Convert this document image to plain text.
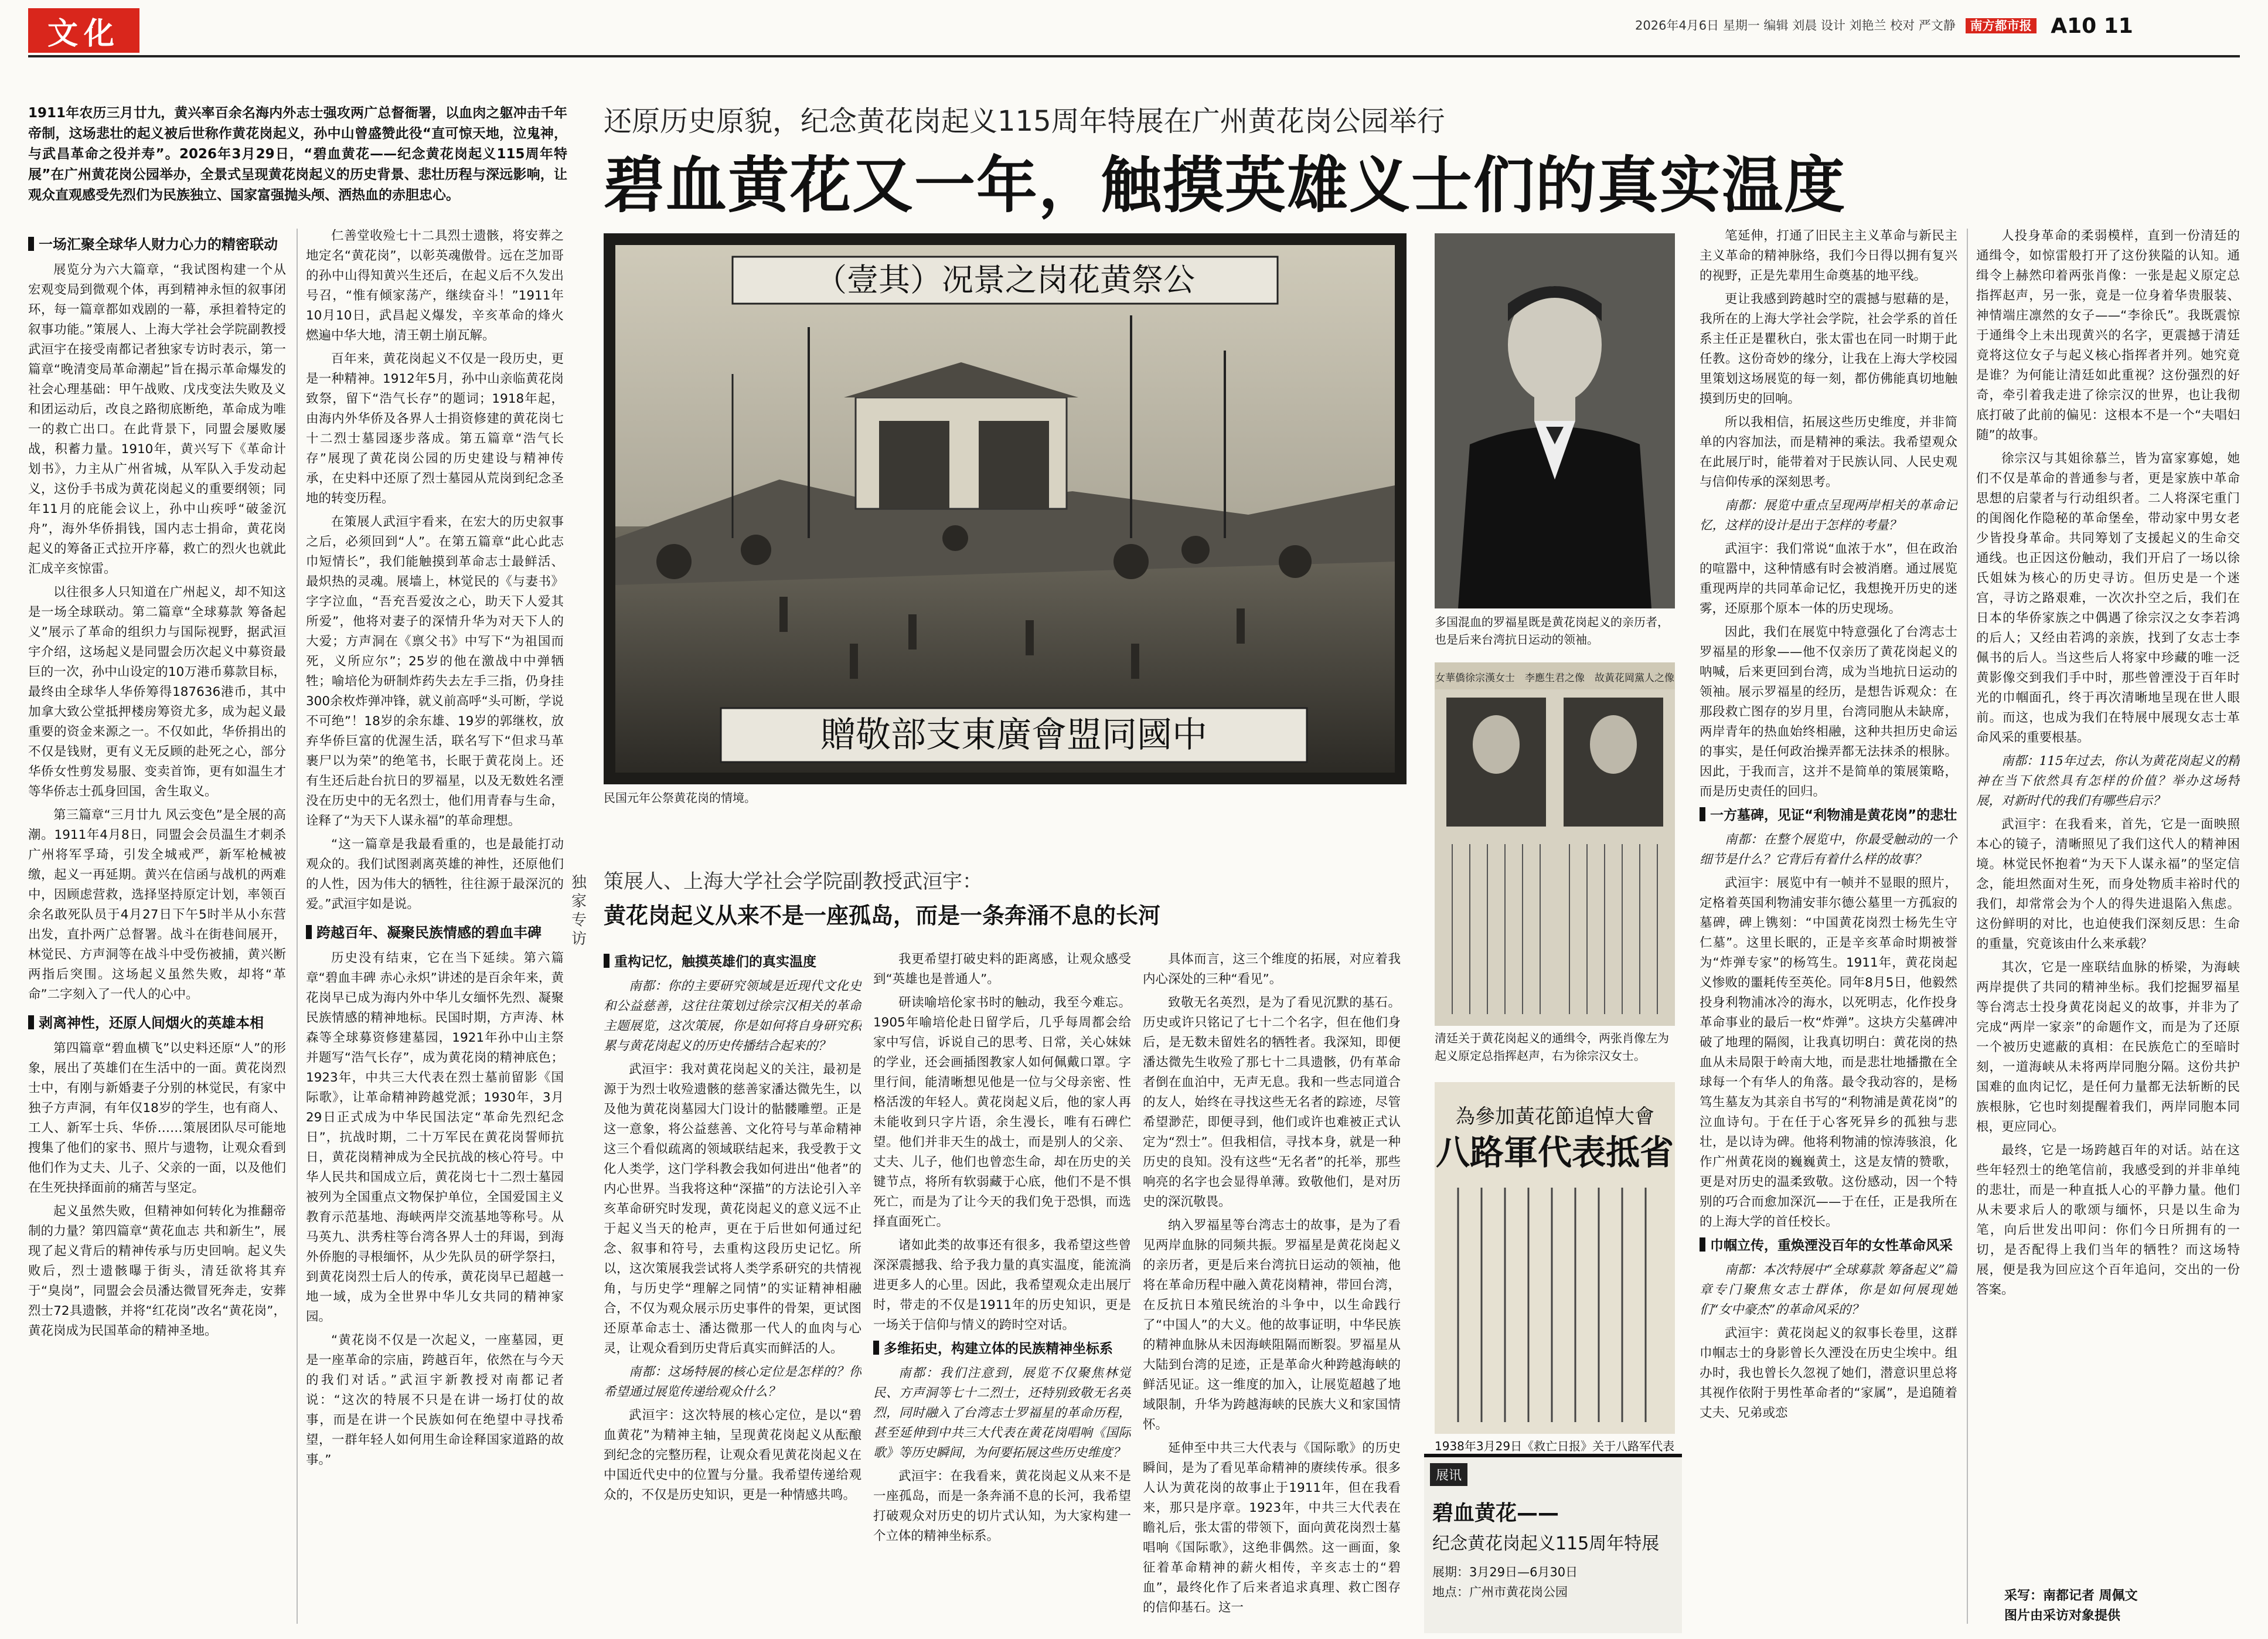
文化	2026年4月6日 星期一 编辑 刘晨 设计 刘艳兰 校对 严文静 南方都市报 A10 11
1911年农历三月廿九，黄兴率百余名海内外志士强攻两广总督衙署，以血肉之躯冲击千年帝制，这场悲壮的起义被后世称作黄花岗起义，孙中山曾盛赞此役“直可惊天地，泣鬼神，与武昌革命之役并寿”。2026年3月29日，“碧血黄花——纪念黄花岗起义115周年特展”在广州黄花岗公园举办，全景式呈现黄花岗起义的历史背景、悲壮历程与深远影响，让观众直观感受先烈们为民族独立、国家富强抛头颅、洒热血的赤胆忠心。
一场汇聚全球华人财力心力的精密联动

展览分为六大篇章，“我试图构建一个从宏观变局到微观个体，再到精神永恒的叙事闭环，每一篇章都如戏剧的一幕，承担着特定的叙事功能。”策展人、上海大学社会学院副教授武洹宇在接受南都记者独家专访时表示，第一篇章“晚清变局革命潮起”旨在揭示革命爆发的社会心理基础：甲午战败、戊戌变法失败及义和团运动后，改良之路彻底断绝，革命成为唯一的救亡出口。在此背景下，同盟会屡败屡战，积蓄力量。1910年，黄兴写下《革命计划书》，力主从广州省城，从军队入手发动起义，这份手书成为黄花岗起义的重要纲领；同年11月的庇能会议上，孙中山疾呼“破釜沉舟”，海外华侨捐钱，国内志士捐命，黄花岗起义的筹备正式拉开序幕，救亡的烈火也就此汇成辛亥惊雷。

以往很多人只知道在广州起义，却不知这是一场全球联动。第二篇章“全球募款 筹备起义”展示了革命的组织力与国际视野，据武洹宇介绍，这场起义是同盟会历次起义中募资最巨的一次，孙中山设定的10万港币募款目标，最终由全球华人华侨筹得187636港币，其中加拿大致公堂抵押楼房筹资尤多，成为起义最重要的资金来源之一。不仅如此，华侨捐出的不仅是钱财，更有义无反顾的赴死之心，部分华侨女性剪发易服、变卖首饰，更有如温生才等华侨志士孤身回国，舍生取义。

第三篇章“三月廿九 风云变色”是全展的高潮。1911年4月8日，同盟会会员温生才刺杀广州将军孚琦，引发全城戒严，新军枪械被缴，起义一再延期。黄兴在信函与战机的两难中，因顾虑营救，选择坚持原定计划，率领百余名敢死队员于4月27日下午5时半从小东营出发，直扑两广总督署。战斗在街巷间展开，林觉民、方声洞等在战斗中受伤被捕，黄兴断两指后突围。这场起义虽然失败，却将“革命”二字刻入了一代人的心中。

剥离神性，还原人间烟火的英雄本相

第四篇章“碧血横飞”以史料还原“人”的形象，展出了英雄们在生活中的一面。黄花岗烈士中，有刚与新婚妻子分别的林觉民，有家中独子方声洞，有年仅18岁的学生，也有商人、工人、新军士兵、华侨……策展团队尽可能地搜集了他们的家书、照片与遗物，让观众看到他们作为丈夫、儿子、父亲的一面，以及他们在生死抉择面前的痛苦与坚定。

起义虽然失败，但精神如何转化为推翻帝制的力量？第四篇章“黄花血志 共和新生”，展现了起义背后的精神传承与历史回响。起义失败后，烈士遗骸曝于街头，清廷欲将其弃于“臭岗”，同盟会会员潘达微冒死奔走，安葬烈士72具遗骸，并将“红花岗”改名“黄花岗”，黄花岗成为民国革命的精神圣地。

仁善堂收殓七十二具烈士遗骸，将安葬之地定名“黄花岗”，以彰英魂傲骨。远在芝加哥的孙中山得知黄兴生还后，在起义后不久发出号召，“惟有倾家荡产，继续奋斗！”1911年10月10日，武昌起义爆发，辛亥革命的烽火燃遍中华大地，清王朝土崩瓦解。

百年来，黄花岗起义不仅是一段历史，更是一种精神。1912年5月，孙中山亲临黄花岗致祭，留下“浩气长存”的题词；1918年起，由海内外华侨及各界人士捐资修建的黄花岗七十二烈士墓园逐步落成。第五篇章“浩气长存”展现了黄花岗公园的历史建设与精神传承，在史料中还原了烈士墓园从荒岗到纪念圣地的转变历程。

在策展人武洹宇看来，在宏大的历史叙事之后，必须回到“人”。在第五篇章“此心此志 巾短情长”，我们能触摸到革命志士最鲜活、最炽热的灵魂。展墙上，林觉民的《与妻书》字字泣血，“吾充吾爱汝之心，助天下人爱其所爱”，他将对妻子的深情升华为对天下人的大爱；方声洞在《禀父书》中写下“为祖国而死，义所应尔”；25岁的他在激战中中弹牺牲；喻培伦为研制炸药失去左手三指，仍身挂300余枚炸弹冲锋，就义前高呼“头可断，学说不可绝”！18岁的余东雄、19岁的郭继枚，放弃华侨巨富的优渥生活，联名写下“但求马革裹尸以为荣”的绝笔书，长眠于黄花岗上。还有生还后赴台抗日的罗福星，以及无数姓名湮没在历史中的无名烈士，他们用青春与生命，诠释了“为天下人谋永福”的革命理想。

“这一篇章是我最看重的，也是最能打动观众的。我们试图剥离英雄的神性，还原他们的人性，因为伟大的牺牲，往往源于最深沉的爱。”武洹宇如是说。

跨越百年、凝聚民族情感的碧血丰碑

历史没有结束，它在当下延续。第六篇章“碧血丰碑 赤心永炽”讲述的是百余年来，黄花岗早已成为海内外中华儿女缅怀先烈、凝聚民族情感的精神地标。民国时期，方声涛、林森等全球募资修建墓园，1921年孙中山主祭并题写“浩气长存”，成为黄花岗的精神底色；1923年，中共三大代表在烈士墓前留影《国际歌》，让革命精神跨越党派；1930年，3月29日正式成为中华民国法定“革命先烈纪念日”，抗战时期，二十万军民在黄花岗誓师抗日，黄花岗精神成为全民抗战的核心符号。中华人民共和国成立后，黄花岗七十二烈士墓园被列为全国重点文物保护单位，全国爱国主义教育示范基地、海峡两岸交流基地等称号。从马英九、洪秀柱等台湾各界人士的拜谒，到海外侨胞的寻根缅怀，从少先队员的研学祭扫，到黄花岗烈士后人的传承，黄花岗早已超越一地一域，成为全世界中华儿女共同的精神家园。

“黄花岗不仅是一次起义，一座墓园，更是一座革命的宗庙，跨越百年，依然在与今天的我们对话。”武洹宇新教授对南都记者说：“这次的特展不只是在讲一场打仗的故事，而是在讲一个民族如何在绝望中寻找希望，一群年轻人如何用生命诠释国家道路的故事。”

还原历史原貌，纪念黄花岗起义115周年特展在广州黄花岗公园举行
碧血黄花又一年，触摸英雄义士们的真实温度
（壹其）况景之岗花黄祭公
贈敬部支東廣會盟同國中
民国元年公祭黄花岗的情境。
独家专访
策展人、上海大学社会学院副教授武洹宇：
黄花岗起义从来不是一座孤岛，而是一条奔涌不息的长河
重构记忆，触摸英雄们的真实温度

南都：你的主要研究领域是近现代文化史和公益慈善，这往往策划过徐宗汉相关的革命主题展览，这次策展，你是如何将自身研究积累与黄花岗起义的历史传播结合起来的？

武洹宇：我对黄花岗起义的关注，最初是源于为烈士收殓遗骸的慈善家潘达微先生，以及他为黄花岗墓园大门设计的骷髅雕塑。正是这一意象，将公益慈善、文化符号与革命精神这三个看似疏离的领域联结起来，我受教于文化人类学，这门学科教会我如何进出“他者”的内心世界。当我将这种“深描”的方法论引入辛亥革命研究时发现，黄花岗起义的意义远不止于起义当天的枪声，更在于后世如何通过纪念、叙事和符号，去重构这段历史记忆。所以，这次策展我尝试将人类学系研究的共情视角，与历史学“理解之同情”的实证精神相融合，不仅为观众展示历史事件的骨架，更试图还原革命志士、潘达微那一代人的血肉与心灵，让观众看到历史背后真实而鲜活的人。

南都：这场特展的核心定位是怎样的？你希望通过展览传递给观众什么？

武洹宇：这次特展的核心定位，是以“碧血黄花”为精神主轴，呈现黄花岗起义从酝酿到纪念的完整历程，让观众看见黄花岗起义在中国近代史中的位置与分量。我希望传递给观众的，不仅是历史知识，更是一种情感共鸣。

我更希望打破史料的距离感，让观众感受到“英雄也是普通人”。

研读喻培伦家书时的触动，我至今难忘。1905年喻培伦赴日留学后，几乎每周都会给家中写信，诉说自己的思考、日常，关心妹妹的学业，还会画插图教家人如何佩戴口罩。字里行间，能清晰想见他是一位与父母亲密、性格活泼的年轻人。黄花岗起义后，他的家人再未能收到只字片语，余生漫长，唯有石碑伫望。他们并非天生的战士，而是别人的父亲、丈夫、儿子，他们也曾恋生命，却在历史的关键节点，将所有软弱藏于心底，他们不是不惧死亡，而是为了让今天的我们免于恐惧，而选择直面死亡。

诸如此类的故事还有很多，我希望这些曾深深震撼我、给予我力量的真实温度，能流淌进更多人的心里。因此，我希望观众走出展厅时，带走的不仅是1911年的历史知识，更是一场关于信仰与情义的跨时空对话。

多维拓史，构建立体的民族精神坐标系

南都：我们注意到，展览不仅聚焦林觉民、方声洞等七十二烈士，还特别致敬无名英烈，同时融入了台湾志士罗福星的革命历程，甚至延伸到中共三大代表在黄花岗唱响《国际歌》等历史瞬间，为何要拓展这些历史维度？

武洹宇：在我看来，黄花岗起义从来不是一座孤岛，而是一条奔涌不息的长河，我希望打破观众对历史的切片式认知，为大家构建一个立体的精神坐标系。

具体而言，这三个维度的拓展，对应着我内心深处的三种“看见”。

致敬无名英烈，是为了看见沉默的基石。历史或许只铭记了七十二个名字，但在他们身后，是无数未留姓名的牺牲者。我深知，即便潘达微先生收殓了那七十二具遗骸，仍有革命者倒在血泊中，无声无息。我和一些志同道合的友人，始终在寻找这些无名者的踪迹，尽管希望渺茫，即便寻到，他们或许也难被正式认定为“烈士”。但我相信，寻找本身，就是一种历史的良知。没有这些“无名者”的托举，那些响亮的名字也会显得单薄。致敬他们，是对历史的深沉敬畏。

纳入罗福星等台湾志士的故事，是为了看见两岸血脉的同频共振。罗福星是黄花岗起义的亲历者，更是后来台湾抗日运动的领袖，他将在革命历程中融入黄花岗精神，带回台湾，在反抗日本殖民统治的斗争中，以生命践行了“中国人”的大义。他的故事证明，中华民族的精神血脉从未因海峡阻隔而断裂。罗福星从大陆到台湾的足迹，正是革命火种跨越海峡的鲜活见证。这一维度的加入，让展览超越了地域限制，升华为跨越海峡的民族大义和家国情怀。

延伸至中共三大代表与《国际歌》的历史瞬间，是为了看见革命精神的赓续传承。很多人认为黄花岗的故事止于1911年，但在我看来，那只是序章。1923年，中共三大代表在瞻礼后，张太雷的带领下，面向黄花岗烈士墓唱响《国际歌》，这绝非偶然。这一画面，象征着革命精神的薪火相传，辛亥志士的“碧血”，最终化作了后来者追求真理、救亡图存的信仰基石。这一

多国混血的罗福星既是黄花岗起义的亲历者，也是后来台湾抗日运动的领袖。
女華僑徐宗漢女士　李應生君之像　故黃花岡黨人之像
清廷关于黄花岗起义的通缉令，两张肖像左为起义原定总指挥赵声，右为徐宗汉女士。
為參加黃花節追悼大會
八路軍代表抵省
1938年3月29日《救亡日报》关于八路军代表
展讯
碧血黄花——
纪念黄花岗起义115周年特展
展期：3月29日—6月30日
地点：广州市黄花岗公园

笔延伸，打通了旧民主主义革命与新民主主义革命的精神脉络，我们今日得以拥有复兴的视野，正是先辈用生命奠基的地平线。

更让我感到跨越时空的震撼与慰藉的是，我所在的上海大学社会学院，社会学系的首任系主任正是瞿秋白，张太雷也在同一时期于此任教。这份奇妙的缘分，让我在上海大学校园里策划这场展览的每一刻，都仿佛能真切地触摸到历史的回响。

所以我相信，拓展这些历史维度，并非简单的内容加法，而是精神的乘法。我希望观众在此展厅时，能带着对于民族认同、人民史观与信仰传承的深刻思考。

南都：展览中重点呈现两岸相关的革命记忆，这样的设计是出于怎样的考量？

武洹宇：我们常说“血浓于水”，但在政治的喧嚣中，这种情感有时会被消磨。通过展览重现两岸的共同革命记忆，我想挽开历史的迷雾，还原那个原本一体的历史现场。

因此，我们在展览中特意强化了台湾志士罗福星的形象——他不仅亲历了黄花岗起义的呐喊，后来更回到台湾，成为当地抗日运动的领袖。展示罗福星的经历，是想告诉观众：在那段救亡图存的岁月里，台湾同胞从未缺席，两岸青年的热血始终相融，这种共担历史命运的事实，是任何政治操弄都无法抹杀的根脉。因此，于我而言，这并不是简单的策展策略，而是历史责任的回归。

一方墓碑，见证“利物浦是黄花岗”的悲壮

南都：在整个展览中，你最受触动的一个细节是什么？它背后有着什么样的故事？

武洹宇：展览中有一帧并不显眼的照片，定格着英国利物浦安菲尔德公墓里一方孤寂的墓碑，碑上镌刻：“中国黄花岗烈士杨先生守仁墓”。这里长眠的，正是辛亥革命时期被誉为“炸弹专家”的杨笃生。1911年，黄花岗起义惨败的噩耗传至英伦。同年8月5日，他毅然投身利物浦冰冷的海水，以死明志，化作投身革命事业的最后一枚“炸弹”。这块方尖墓碑冲破了地理的隔阂，让我真切明白：黄花岗的热血从未局限于岭南大地，而是悲壮地播撒在全球每一个有华人的角落。最令我动容的，是杨笃生墓友为其亲自书写的“利物浦是黄花岗”的泣血诗句。于在任于心客死异乡的孤独与悲壮，是以诗为碑。他将利物浦的惊涛骇浪，化作广州黄花岗的巍巍黄土，这是友情的赞歌，更是对历史的温柔致敬。这份感动，因一个特别的巧合而愈加深沉——于在任，正是我所在的上海大学的首任校长。

巾帼立传，重焕湮没百年的女性革命风采

南都：本次特展中“全球募款 筹备起义”篇章专门聚焦女志士群体，你是如何展现她们“女中豪杰”的革命风采的？

武洹宇：黄花岗起义的叙事长卷里，这群巾帼志士的身影曾长久湮没在历史尘埃中。组办时，我也曾长久忽视了她们，潜意识里总将其视作依附于男性革命者的“家属”，是追随着丈夫、兄弟或恋

人投身革命的柔弱模样，直到一份清廷的通缉令，如惊雷般打开了这份狭隘的认知。通缉令上赫然印着两张肖像：一张是起义原定总指挥赵声，另一张，竟是一位身着华贵服装、神情端庄凛然的女子——“李徐氏”。我既震惊于通缉令上未出现黄兴的名字，更震撼于清廷竟将这位女子与起义核心指挥者并列。她究竟是谁？为何能让清廷如此重视？这份强烈的好奇，牵引着我走进了徐宗汉的世界，也让我彻底打破了此前的偏见：这根本不是一个“夫唱妇随”的故事。

徐宗汉与其姐徐慕兰，皆为富家寡媳，她们不仅是革命的普通参与者，更是家族中革命思想的启蒙者与行动组织者。二人将深宅重门的闺阁化作隐秘的革命堡垒，带动家中男女老少皆投身革命。共同筹划了支援起义的生命交通线。也正因这份触动，我们开启了一场以徐氏姐妹为核心的历史寻访。但历史是一个迷宫，寻访之路艰难，一次次扑空之后，我们在日本的华侨家族之中偶遇了徐宗汉之女李若鸿的后人；又经由若鸿的亲族，找到了女志士李佩书的后人。当这些后人将家中珍藏的唯一泛黄影像交到我们手中时，那些曾湮没于百年时光的巾帼面孔，终于再次清晰地呈现在世人眼前。而这，也成为我们在特展中展现女志士革命风采的重要根基。

南都：115年过去，你认为黄花岗起义的精神在当下依然具有怎样的价值？举办这场特展，对新时代的我们有哪些启示？

武洹宇：在我看来，首先，它是一面映照本心的镜子，清晰照见了我们这代人的精神困境。林觉民怀抱着“为天下人谋永福”的坚定信念，能坦然面对生死，而身处物质丰裕时代的我们，却常常会为个人的得失进退陷入焦虑。这份鲜明的对比，也迫使我们深刻反思：生命的重量，究竟该由什么来承载？

其次，它是一座联结血脉的桥梁，为海峡两岸提供了共同的精神坐标。我们挖掘罗福星等台湾志士投身黄花岗起义的故事，并非为了完成“两岸一家亲”的命题作文，而是为了还原一个被历史遮蔽的真相：在民族危亡的至暗时刻，一道海峡从未将两岸同胞分隔。这份共护国难的血肉记忆，是任何力量都无法斩断的民族根脉，它也时刻提醒着我们，两岸同胞本同根，更应同心。

最终，它是一场跨越百年的对话。站在这些年轻烈士的绝笔信前，我感受到的并非单纯的悲壮，而是一种直抵人心的平静力量。他们从未要求后人的歌颂与缅怀，只是以生命为笔，向后世发出叩问：你们今日所拥有的一切，是否配得上我们当年的牺牲？而这场特展，便是我为回应这个百年追问，交出的一份答案。

采写：南都记者 周佩文
图片由采访对象提供
